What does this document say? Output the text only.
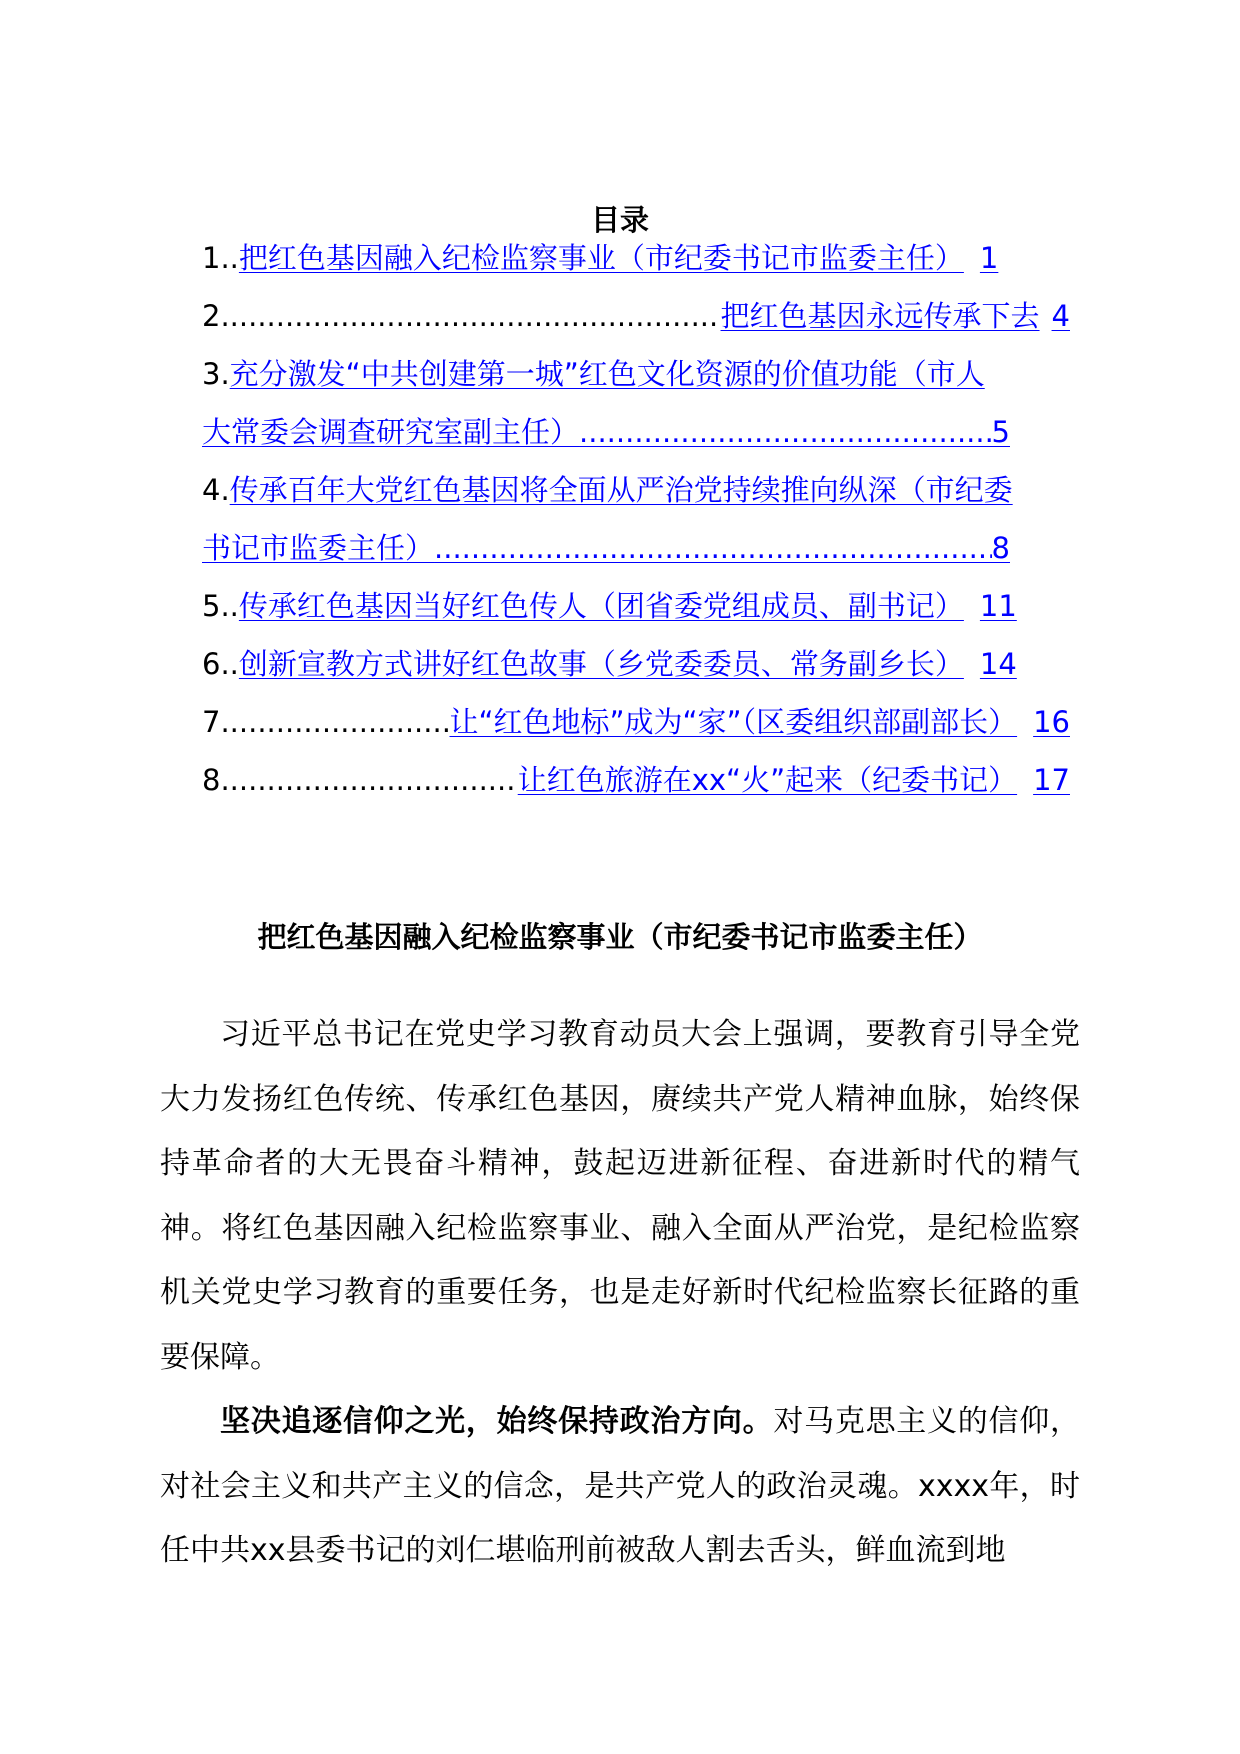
目录
1.. 把红色基因融入纪检监察事业（市纪委书记市监委主任） 1
2 .....	把红色基因永远传承下去 4
3. 充分激发“中共创建第一城”红色文化资源的价值功能（市人
大常委会调查研究室副主任） .....	5
4. 传承百年大党红色基因将全面从严治党持续推向纵深（市纪委
书记市监委主任） .....	8
5.. 传承红色基因当好红色传人（团省委党组成员、副书记） 11
6.. 创新宣教方式讲好红色故事（乡党委委员、常务副乡长） 14
7 .....	让“红色地标”成为“家”（区委组织部副部长） 16
8 .....	让红色旅游在xx“火”起来（纪委书记） 17
把红色基因融入纪检监察事业（市纪委书记市监委主任）
习近平总书记在党史学习教育动员大会上强调，要教育引导全党大力发扬红色传统、传承红色基因，赓续共产党人精神血脉，始终保持革命者的大无畏奋斗精神，鼓起迈进新征程、奋进新时代的精气神。将红色基因融入纪检监察事业、融入全面从严治党，是纪检监察机关党史学习教育的重要任务，也是走好新时代纪检监察长征路的重要保障。
坚决追逐信仰之光，始终保持政治方向。对马克思主义的信仰，对社会主义和共产主义的信念，是共产党人的政治灵魂。xxxx年，时任中共xx县委书记的刘仁堪临刑前被敌人割去舌头，鲜血流到地
